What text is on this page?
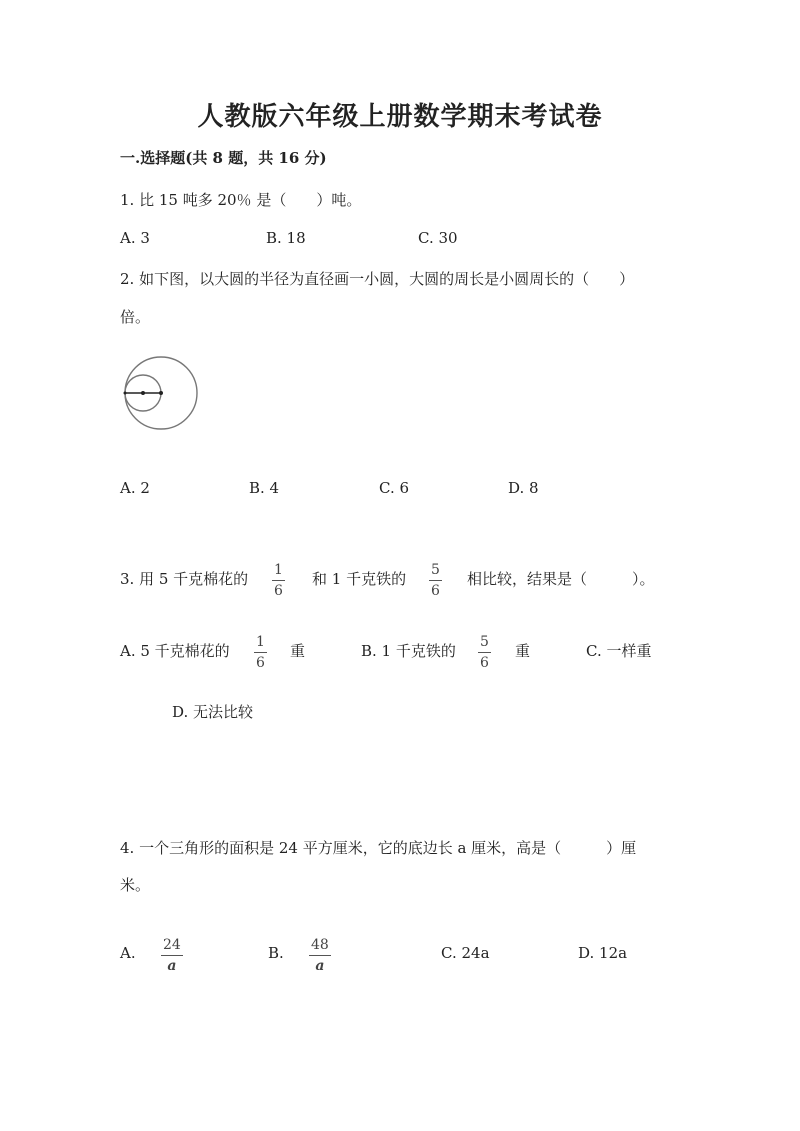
人教版六年级上册数学期末考试卷
一.选择题(共 8 题，共 16 分)
1. 比 15 吨多 20％ 是（　　）吨。
A. 3	B. 18	C. 30
2. 如下图，以大圆的半径为直径画一小圆，大圆的周长是小圆周长的（　　）
倍。
A. 2	B. 4	C. 6	D. 8
3. 用 5 千克棉花的 1
6
和 1 千克铁的 5
6
相比较，结果是（　　　）。
A. 5 千克棉花的 1
6
重	B. 1 千克铁的 5
6
重	C. 一样重
D. 无法比较
4. 一个三角形的面积是 24 平方厘米，它的底边长 a 厘米，高是（　　　）厘
米。
A. 24
a
B. 48
a
C. 24a	D. 12a
